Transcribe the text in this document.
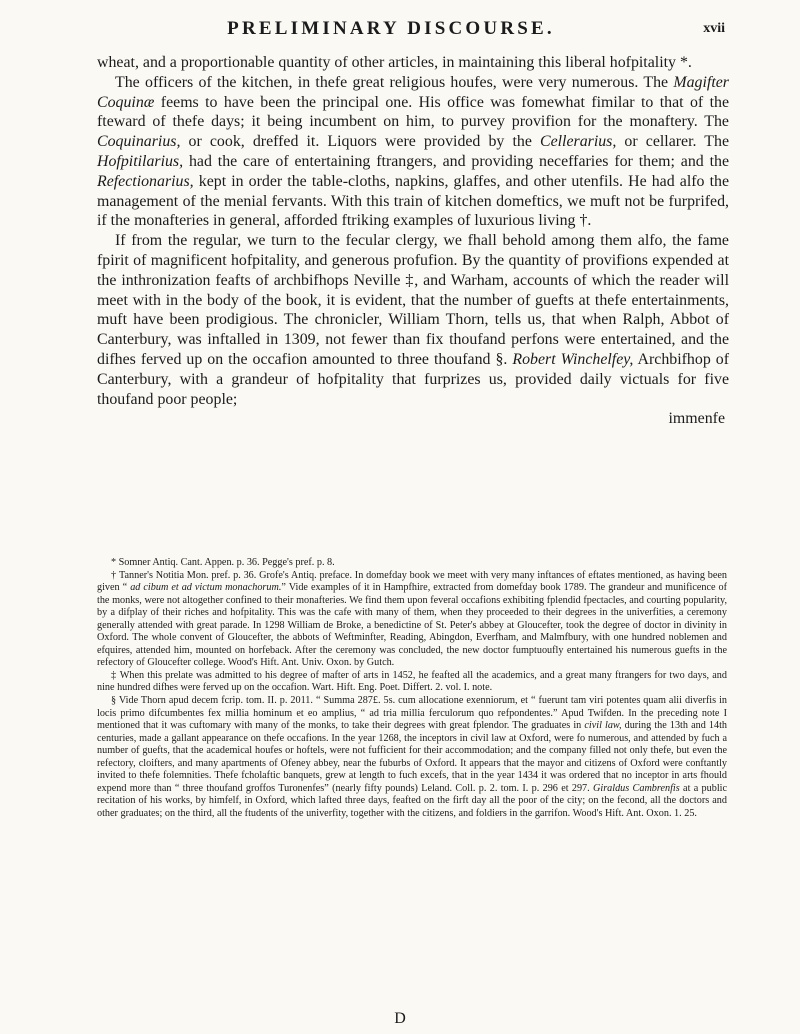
PRELIMINARY DISCOURSE.	xvii

wheat, and a proportionable quantity of other articles, in maintaining this liberal hofpitality *.

The officers of the kitchen, in thefe great religious houfes, were very numerous. The Magifter Coquinæ feems to have been the principal one. His office was fomewhat fimilar to that of the fteward of thefe days; it being incumbent on him, to purvey provifion for the monaftery. The Coquinarius, or cook, dreffed it. Liquors were provided by the Cellerarius, or cellarer. The Hofpitilarius, had the care of entertaining ftrangers, and providing neceffaries for them; and the Refectionarius, kept in order the table-cloths, napkins, glaffes, and other utenfils. He had alfo the management of the menial fervants. With this train of kitchen domeftics, we muft not be furprifed, if the monafteries in general, afforded ftriking examples of luxurious living †.

If from the regular, we turn to the fecular clergy, we fhall behold among them alfo, the fame fpirit of magnificent hofpitality, and generous profufion. By the quantity of provifions expended at the inthronization feafts of archbifhops Neville ‡, and Warham, accounts of which the reader will meet with in the body of the book, it is evident, that the number of guefts at thefe entertainments, muft have been prodigious. The chronicler, William Thorn, tells us, that when Ralph, Abbot of Canterbury, was inftalled in 1309, not fewer than fix thoufand perfons were entertained, and the difhes ferved up on the occafion amounted to three thoufand §. Robert Winchelfey, Archbifhop of Canterbury, with a grandeur of hofpitality that furprizes us, provided daily victuals for five thoufand poor people;

immenfe

* Somner Antiq. Cant. Appen. p. 36. Pegge's pref. p. 8.

† Tanner's Notitia Mon. pref. p. 36. Grofe's Antiq. preface. In domefday book we meet with very many inftances of eftates mentioned, as having been given “ ad cibum et ad victum monachorum.” Vide examples of it in Hampfhire, extracted from domefday book 1789. The grandeur and munificence of the monks, were not altogether confined to their monafteries. We find them upon feveral occafions exhibiting fplendid fpectacles, and courting popularity, by a difplay of their riches and hofpitality. This was the cafe with many of them, when they proceeded to their degrees in the univerfities, a ceremony generally attended with great parade. In 1298 William de Broke, a benedictine of St. Peter's abbey at Gloucefter, took the degree of doctor in divinity in Oxford. The whole convent of Gloucefter, the abbots of Weftminfter, Reading, Abingdon, Everfham, and Malmfbury, with one hundred noblemen and efquires, attended him, mounted on horfeback. After the ceremony was concluded, the new doctor fumptuoufly entertained his numerous guefts in the refectory of Gloucefter college. Wood's Hift. Ant. Univ. Oxon. by Gutch.

‡ When this prelate was admitted to his degree of mafter of arts in 1452, he feafted all the academics, and a great many ftrangers for two days, and nine hundred difhes were ferved up on the occafion. Wart. Hift. Eng. Poet. Differt. 2. vol. I. note.

§ Vide Thorn apud decem fcrip. tom. II. p. 2011. “ Summa 287£. 5s. cum allocatione exenniorum, et “ fuerunt tam viri potentes quam alii diverfis in locis primo difcumbentes fex millia hominum et eo amplius, “ ad tria millia ferculorum quo refpondentes.” Apud Twifden. In the preceding note I mentioned that it was cuftomary with many of the monks, to take their degrees with great fplendor. The graduates in civil law, during the 13th and 14th centuries, made a gallant appearance on thefe occafions. In the year 1268, the inceptors in civil law at Oxford, were fo numerous, and attended by fuch a number of guefts, that the academical houfes or hoftels, were not fufficient for their accommodation; and the company filled not only thefe, but even the refectory, cloifters, and many apartments of Ofeney abbey, near the fuburbs of Oxford. It appears that the mayor and citizens of Oxford were conftantly invited to thefe folemnities. Thefe fcholaftic banquets, grew at length to fuch excefs, that in the year 1434 it was ordered that no inceptor in arts fhould expend more than “ three thoufand groffos Turonenfes” (nearly fifty pounds) Leland. Coll. p. 2. tom. I. p. 296 et 297. Giraldus Cambrenfis at a public recitation of his works, by himfelf, in Oxford, which lafted three days, feafted on the firft day all the poor of the city; on the fecond, all the doctors and other graduates; on the third, all the ftudents of the univerfity, together with the citizens, and foldiers in the garrifon. Wood's Hift. Ant. Oxon. 1. 25.

D
